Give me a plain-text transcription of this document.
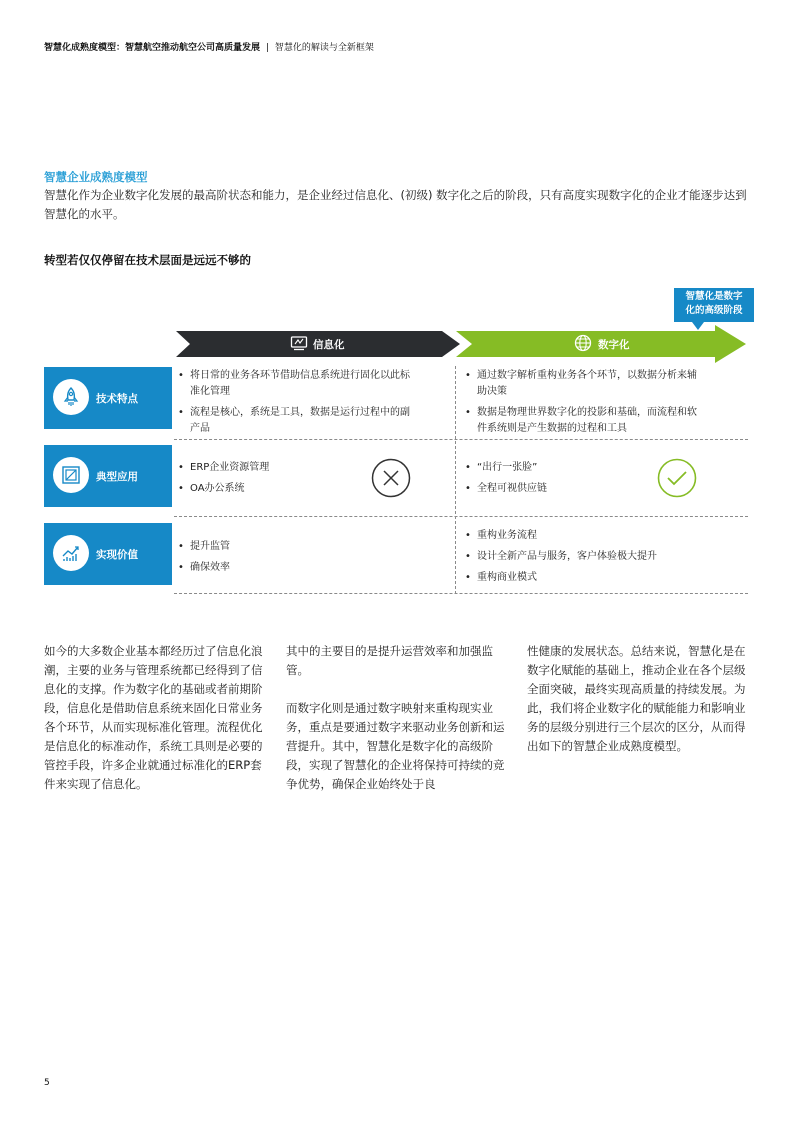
智慧化成熟度模型：智慧航空推动航空公司高质量发展 | 智慧化的解读与全新框架
智慧企业成熟度模型
智慧化作为企业数字化发展的最高阶状态和能力，是企业经过信息化、(初级) 数字化之后的阶段，只有高度实现数字化的企业才能逐步达到智慧化的水平。
转型若仅仅停留在技术层面是远远不够的
智慧化是数字
化的高级阶段
信息化	数字化
技术特点
• 将日常的业务各环节借助信息系统进行固化以此标准化管理
• 流程是核心，系统是工具，数据是运行过程中的副产品
• 通过数字解析重构业务各个环节，以数据分析来辅助决策
• 数据是物理世界数字化的投影和基础，而流程和软件系统则是产生数据的过程和工具
典型应用
• ERP企业资源管理
• OA办公系统
• “出行一张脸”
• 全程可视供应链
实现价值
• 提升监管
• 确保效率
• 重构业务流程
• 设计全新产品与服务，客户体验极大提升
• 重构商业模式
如今的大多数企业基本都经历过了信息化浪潮，主要的业务与管理系统都已经得到了信息化的支撑。作为数字化的基础或者前期阶段，信息化是借助信息系统来固化日常业务各个环节，从而实现标准化管理。流程优化是信息化的标准动作，系统工具则是必要的管控手段，许多企业就通过标准化的ERP套件来实现了信息化。
其中的主要目的是提升运营效率和加强监管。
而数字化则是通过数字映射来重构现实业务，重点是要通过数字来驱动业务创新和运营提升。其中，智慧化是数字化的高级阶段，实现了智慧化的企业将保持可持续的竞争优势，确保企业始终处于良
性健康的发展状态。总结来说，智慧化是在数字化赋能的基础上，推动企业在各个层级全面突破，最终实现高质量的持续发展。为此，我们将企业数字化的赋能能力和影响业务的层级分别进行三个层次的区分，从而得出如下的智慧企业成熟度模型。
5
